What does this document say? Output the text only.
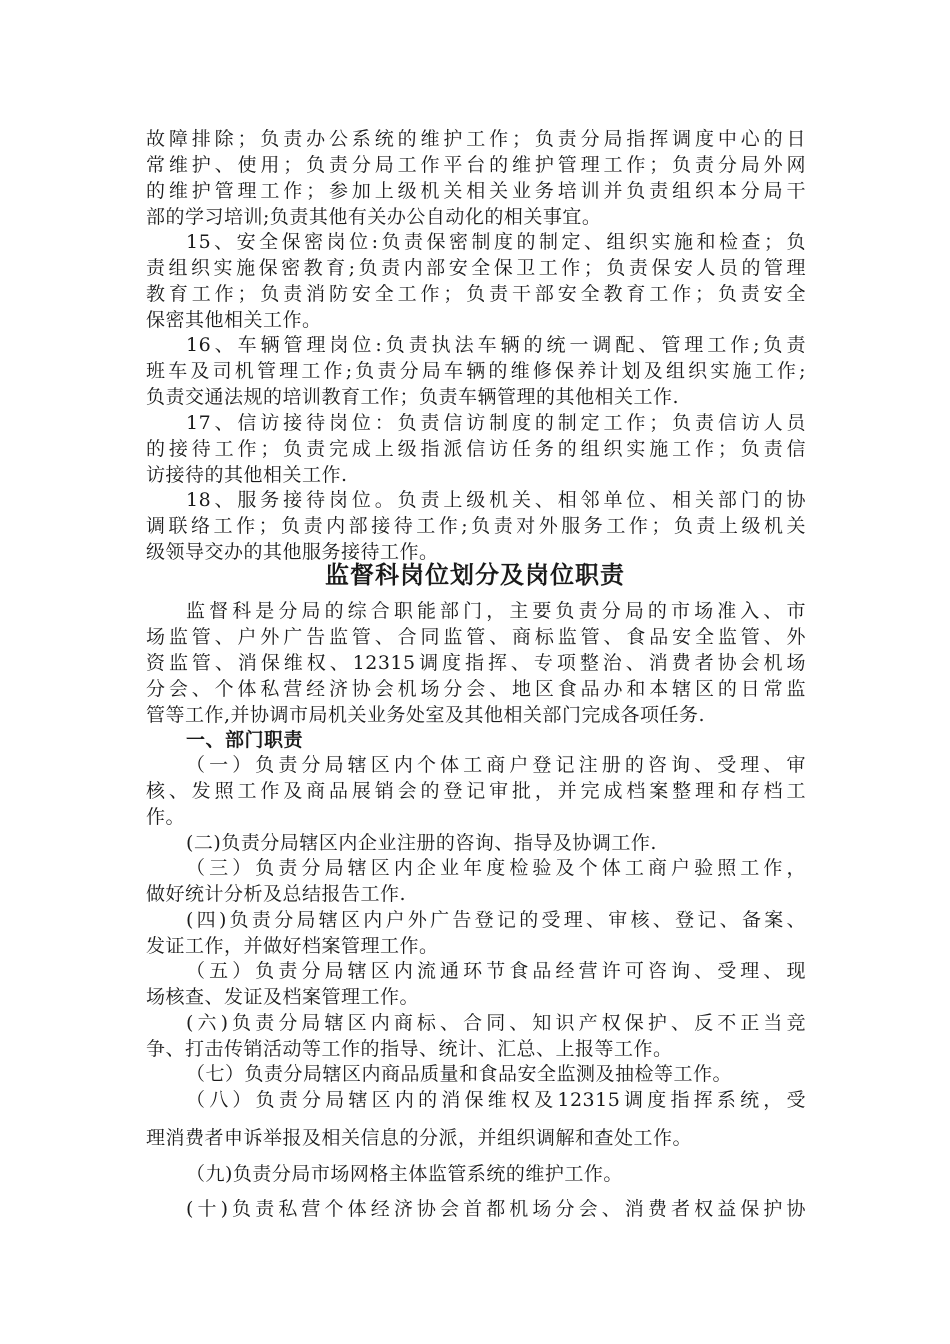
故障排除；负责办公系统的维护工作；负责分局指挥调度中心的日
常维护、使用；负责分局工作平台的维护管理工作；负责分局外网
的维护管理工作；参加上级机关相关业务培训并负责组织本分局干
部的学习培训;负责其他有关办公自动化的相关事宜。
15、安全保密岗位:负责保密制度的制定、组织实施和检查；负
责组织实施保密教育;负责内部安全保卫工作；负责保安人员的管理
教育工作；负责消防安全工作；负责干部安全教育工作；负责安全
保密其他相关工作。
16、车辆管理岗位:负责执法车辆的统一调配、管理工作;负责
班车及司机管理工作;负责分局车辆的维修保养计划及组织实施工作;
负责交通法规的培训教育工作；负责车辆管理的其他相关工作.
17、信访接待岗位：负责信访制度的制定工作；负责信访人员
的接待工作；负责完成上级指派信访任务的组织实施工作；负责信
访接待的其他相关工作.
18、服务接待岗位。负责上级机关、相邻单位、相关部门的协
调联络工作；负责内部接待工作;负责对外服务工作；负责上级机关
级领导交办的其他服务接待工作。
监督科岗位划分及岗位职责
监督科是分局的综合职能部门，主要负责分局的市场准入、市
场监管、户外广告监管、合同监管、商标监管、食品安全监管、外
资监管、消保维权、12315调度指挥、专项整治、消费者协会机场
分会、个体私营经济协会机场分会、地区食品办和本辖区的日常监
管等工作,并协调市局机关业务处室及其他相关部门完成各项任务.
一、部门职责
（一）负责分局辖区内个体工商户登记注册的咨询、受理、审
核、发照工作及商品展销会的登记审批，并完成档案整理和存档工
作。
(二)负责分局辖区内企业注册的咨询、指导及协调工作.
（三）负责分局辖区内企业年度检验及个体工商户验照工作，
做好统计分析及总结报告工作.
(四)负责分局辖区内户外广告登记的受理、审核、登记、备案、
发证工作，并做好档案管理工作。
（五）负责分局辖区内流通环节食品经营许可咨询、受理、现
场核查、发证及档案管理工作。
(六)负责分局辖区内商标、合同、知识产权保护、反不正当竞
争、打击传销活动等工作的指导、统计、汇总、上报等工作。
（七）负责分局辖区内商品质量和食品安全监测及抽检等工作。
（八）负责分局辖区内的消保维权及12315调度指挥系统，受
理消费者申诉举报及相关信息的分派，并组织调解和查处工作。
（九)负责分局市场网格主体监管系统的维护工作。
(十)负责私营个体经济协会首都机场分会、消费者权益保护协
